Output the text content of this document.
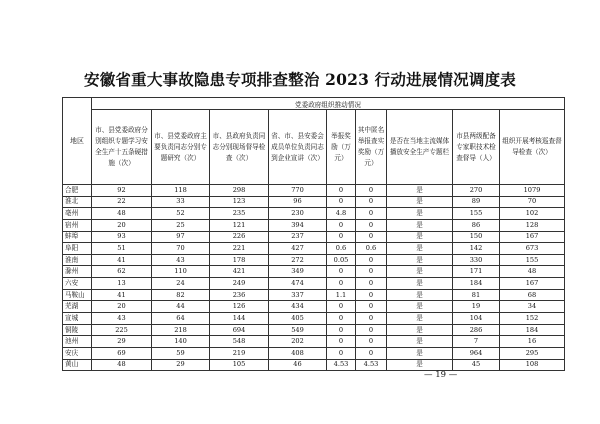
安徽省重大事故隐患专项排查整治 2023 行动进展情况调度表
地区	党委政府组织推动情况								
	市、县党委政府分别组织专题学习安全生产十五条硬措施（次）	市、县党委政府主要负责同志分别专题研究（次）	市、县政府负责同志分别现场督导检查（次）	省、市、县安委会成员单位负责同志到企业宣讲（次）	举报奖励（万元）	其中匿名举报查实奖励（万元）	是否在当地主流媒体播放安全生产专题栏	市县两级配备专家职技术检查督导（人）	组织开展考核巡查督导检查（次）
合肥	92	118	298	770	0	0	是	270	1079
淮北	22	33	123	96	0	0	是	89	70
亳州	48	52	235	230	4.8	0	是	155	102
宿州	20	25	121	394	0	0	是	86	128
蚌埠	93	97	226	237	0	0	是	150	167
阜阳	51	70	221	427	0.6	0.6	是	142	673
淮南	41	43	178	272	0.05	0	是	330	155
滁州	62	110	421	349	0	0	是	171	48
六安	13	24	249	474	0	0	是	184	167
马鞍山	41	82	236	337	1.1	0	是	81	68
芜湖	20	44	126	434	0	0	是	19	34
宣城	43	64	144	405	0	0	是	104	152
铜陵	225	218	694	549	0	0	是	286	184
池州	29	140	548	202	0	0	是	7	16
安庆	69	59	219	408	0	0	是	964	295
黄山	48	29	105	46	4.53	4.53	是	45	108
— 19 —
